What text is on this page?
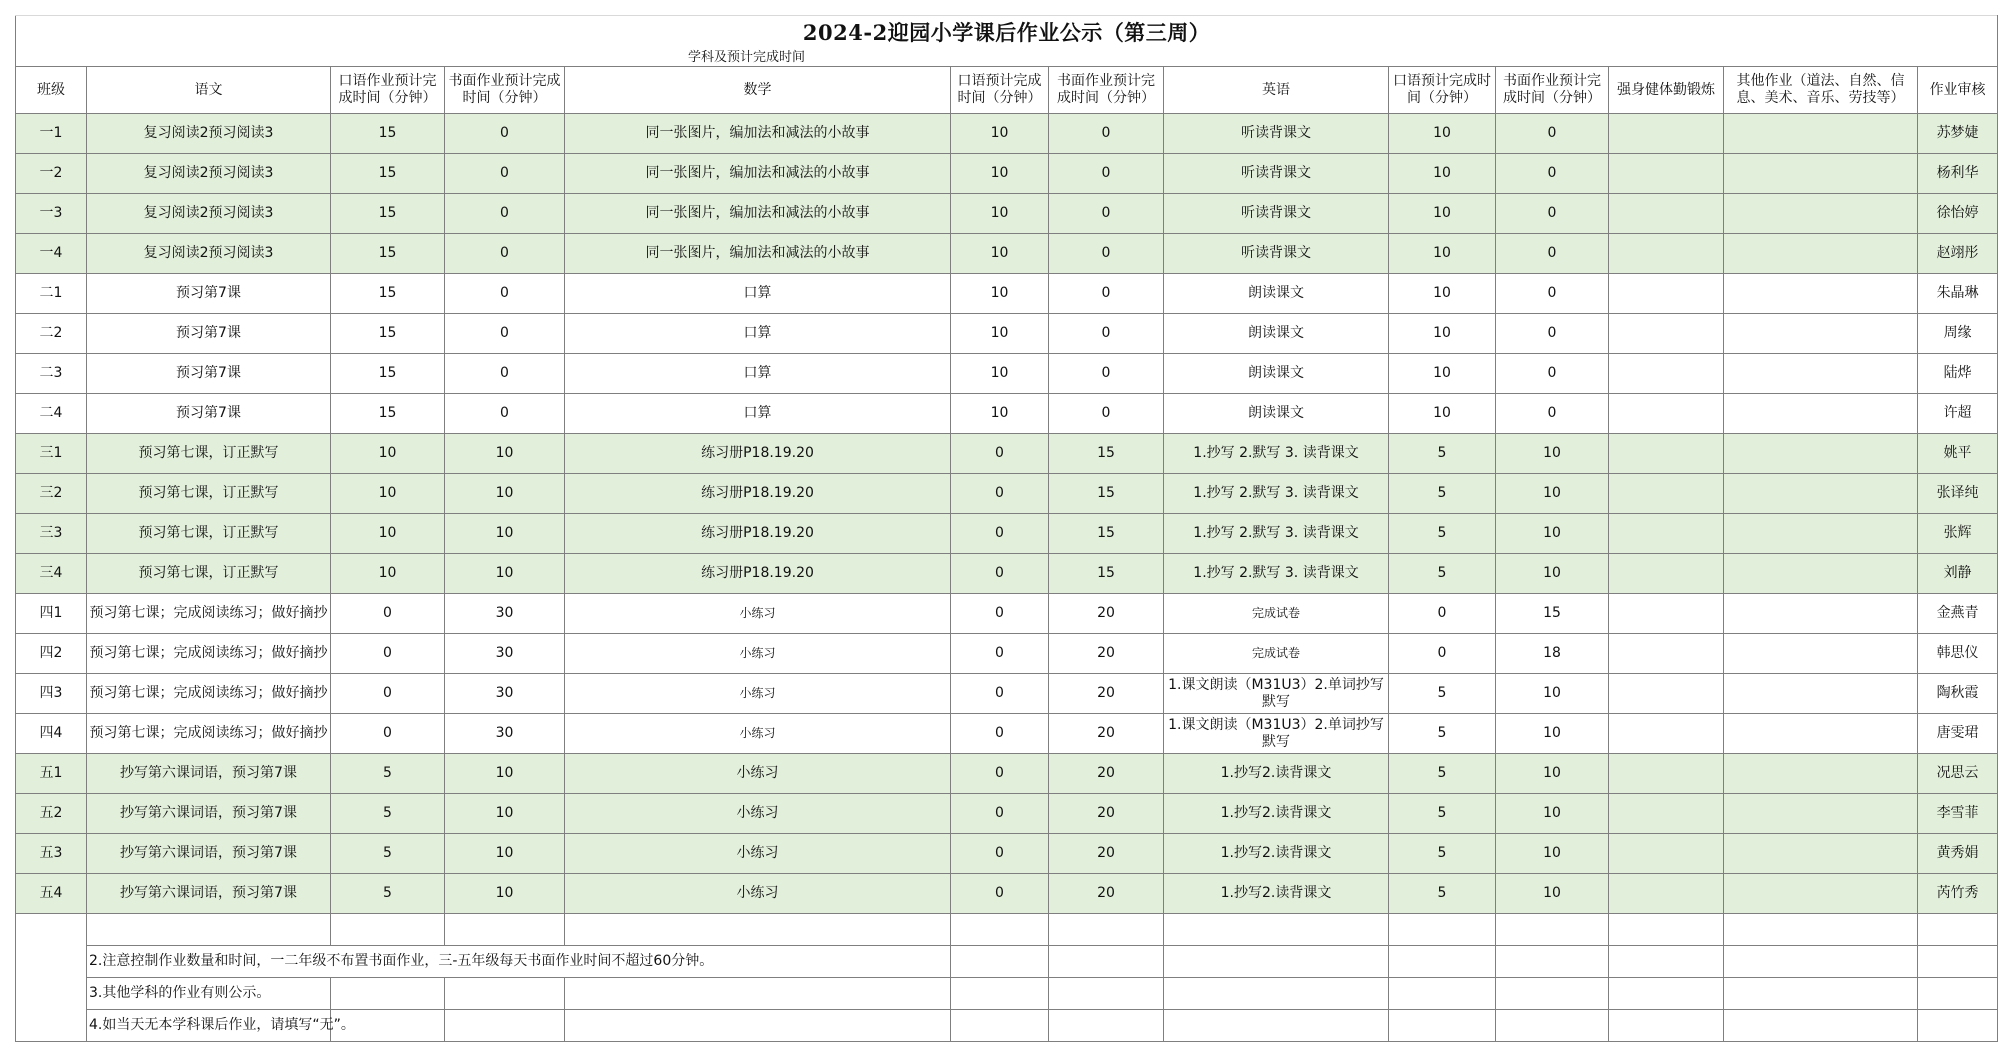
2024-2迎园小学课后作业公示（第三周）												
学科及预计完成时间												
班级	语文	口语作业预计完成时间（分钟）	书面作业预计完成时间（分钟）	数学	口语预计完成时间（分钟）	书面作业预计完成时间（分钟）	英语	口语预计完成时间（分钟）	书面作业预计完成时间（分钟）	强身健体勤锻炼	其他作业（道法、自然、信息、美术、音乐、劳技等）	作业审核
一1	复习阅读2预习阅读3	15	0	同一张图片，编加法和减法的小故事	10	0	听读背课文	10	0			苏梦婕
一2	复习阅读2预习阅读3	15	0	同一张图片，编加法和减法的小故事	10	0	听读背课文	10	0			杨利华
一3	复习阅读2预习阅读3	15	0	同一张图片，编加法和减法的小故事	10	0	听读背课文	10	0			徐怡婷
一4	复习阅读2预习阅读3	15	0	同一张图片，编加法和减法的小故事	10	0	听读背课文	10	0			赵翊彤
二1	预习第7课	15	0	口算	10	0	朗读课文	10	0			朱晶琳
二2	预习第7课	15	0	口算	10	0	朗读课文	10	0			周缘
二3	预习第7课	15	0	口算	10	0	朗读课文	10	0			陆烨
二4	预习第7课	15	0	口算	10	0	朗读课文	10	0			许超
三1	预习第七课，订正默写	10	10	练习册P18.19.20	0	15	1.抄写 2.默写 3. 读背课文	5	10			姚平
三2	预习第七课，订正默写	10	10	练习册P18.19.20	0	15	1.抄写 2.默写 3. 读背课文	5	10			张译纯
三3	预习第七课，订正默写	10	10	练习册P18.19.20	0	15	1.抄写 2.默写 3. 读背课文	5	10			张辉
三4	预习第七课，订正默写	10	10	练习册P18.19.20	0	15	1.抄写 2.默写 3. 读背课文	5	10			刘静
四1	预习第七课；完成阅读练习；做好摘抄	0	30	小练习	0	20	完成试卷	0	15			金燕青
四2	预习第七课；完成阅读练习；做好摘抄	0	30	小练习	0	20	完成试卷	0	18			韩思仪
四3	预习第七课；完成阅读练习；做好摘抄	0	30	小练习	0	20	1.课文朗读（M31U3）2.单词抄写默写	5	10			陶秋霞
四4	预习第七课；完成阅读练习；做好摘抄	0	30	小练习	0	20	1.课文朗读（M31U3）2.单词抄写默写	5	10			唐雯珺
五1	抄写第六课词语，预习第7课	5	10	小练习	0	20	1.抄写2.读背课文	5	10			况思云
五2	抄写第六课词语，预习第7课	5	10	小练习	0	20	1.抄写2.读背课文	5	10			李雪菲
五3	抄写第六课词语，预习第7课	5	10	小练习	0	20	1.抄写2.读背课文	5	10			黄秀娟
五4	抄写第六课词语，预习第7课	5	10	小练习	0	20	1.抄写2.读背课文	5	10			芮竹秀

	2.注意控制作业数量和时间，一二年级不布置书面作业，三-五年级每天书面作业时间不超过60分钟。											
	3.其他学科的作业有则公示。											
	4.如当天无本学科课后作业，请填写“无”。											
